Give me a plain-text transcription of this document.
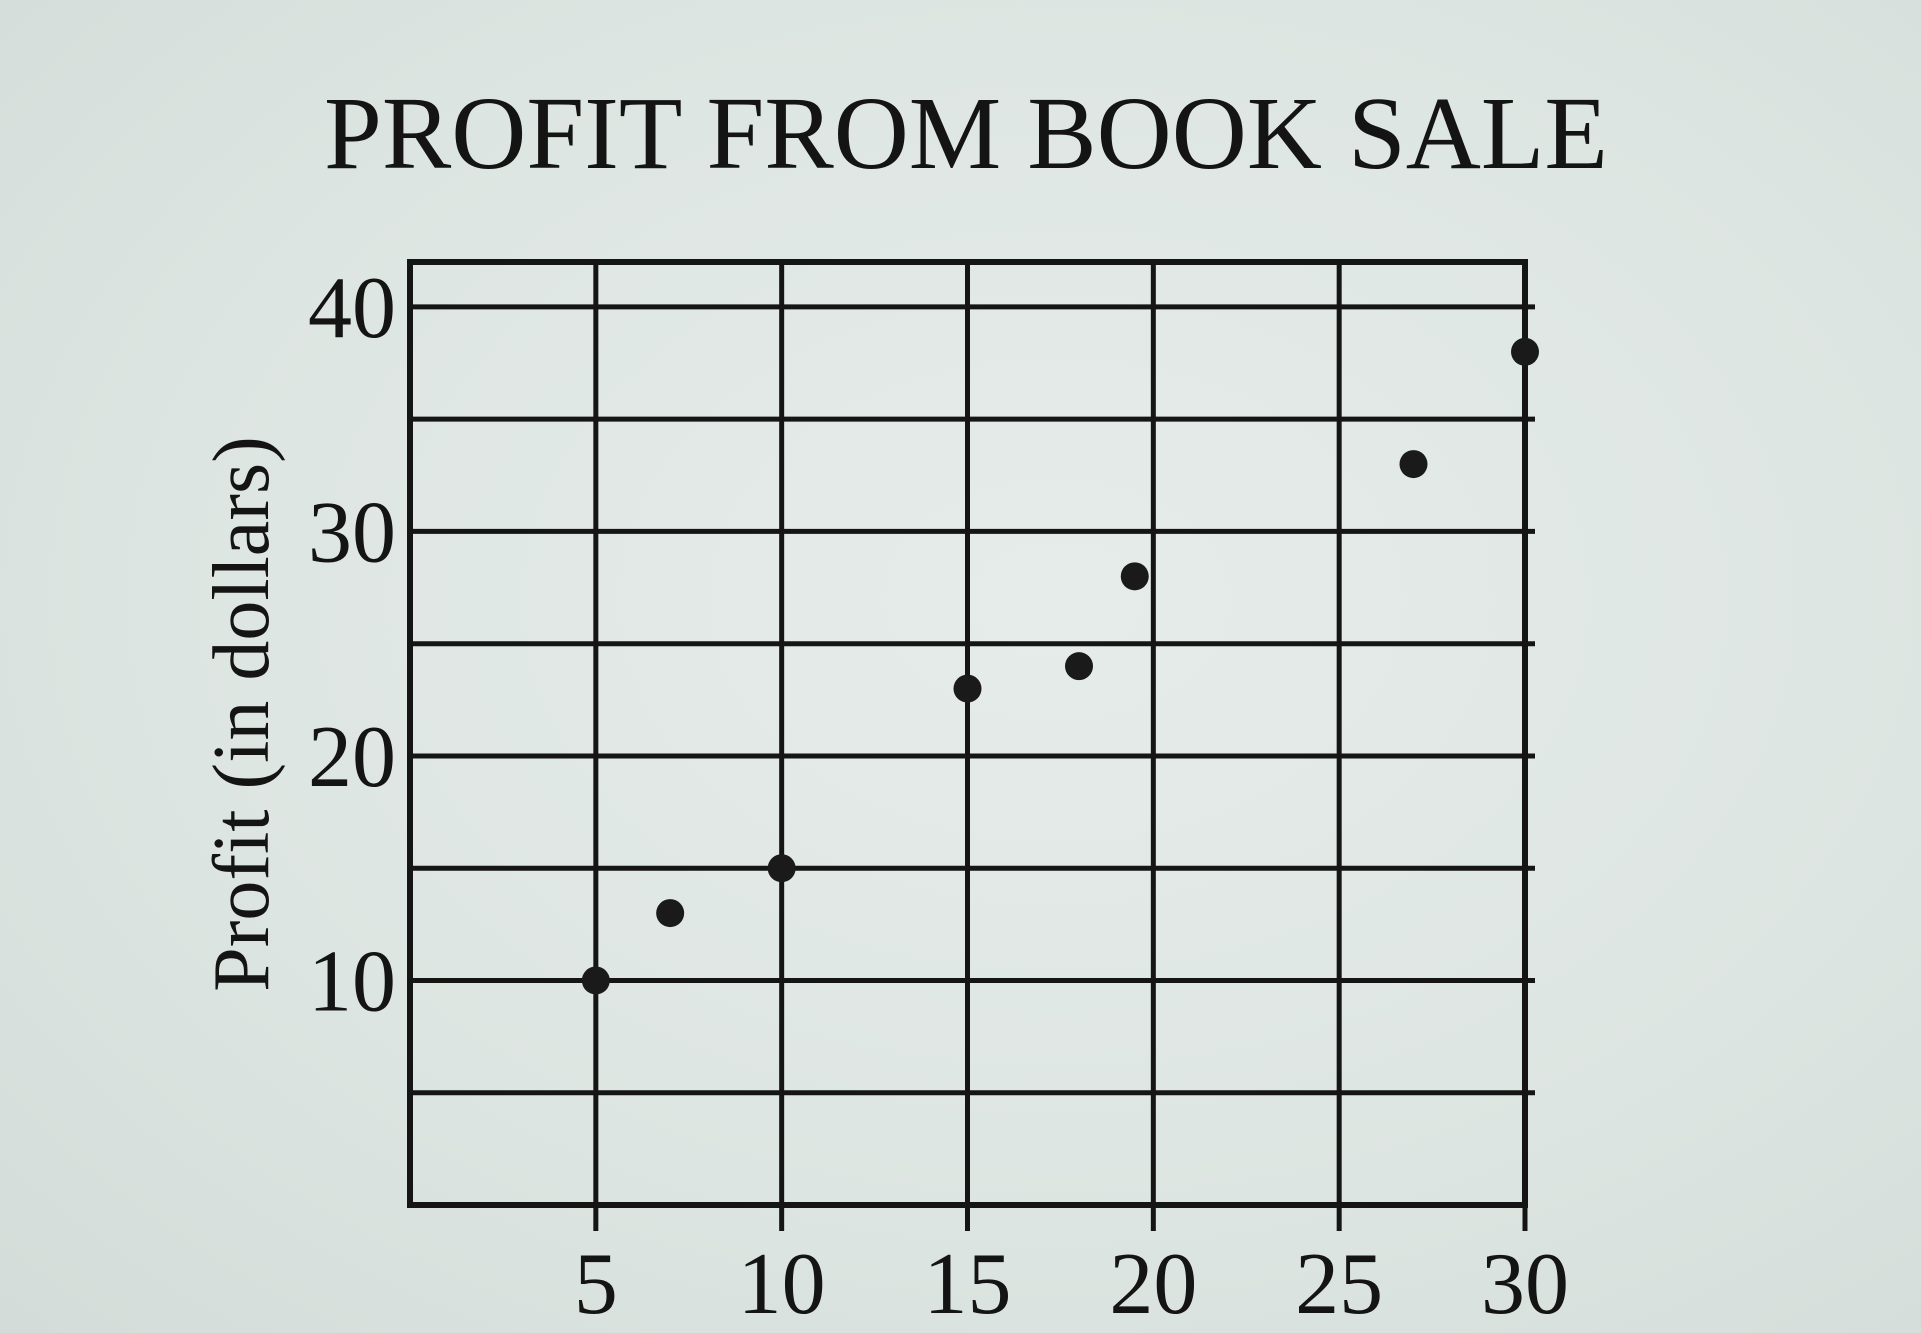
PROFIT FROM BOOK SALE
Profit (in dollars)
5 10 15 20 25 30
10
20
30
40
